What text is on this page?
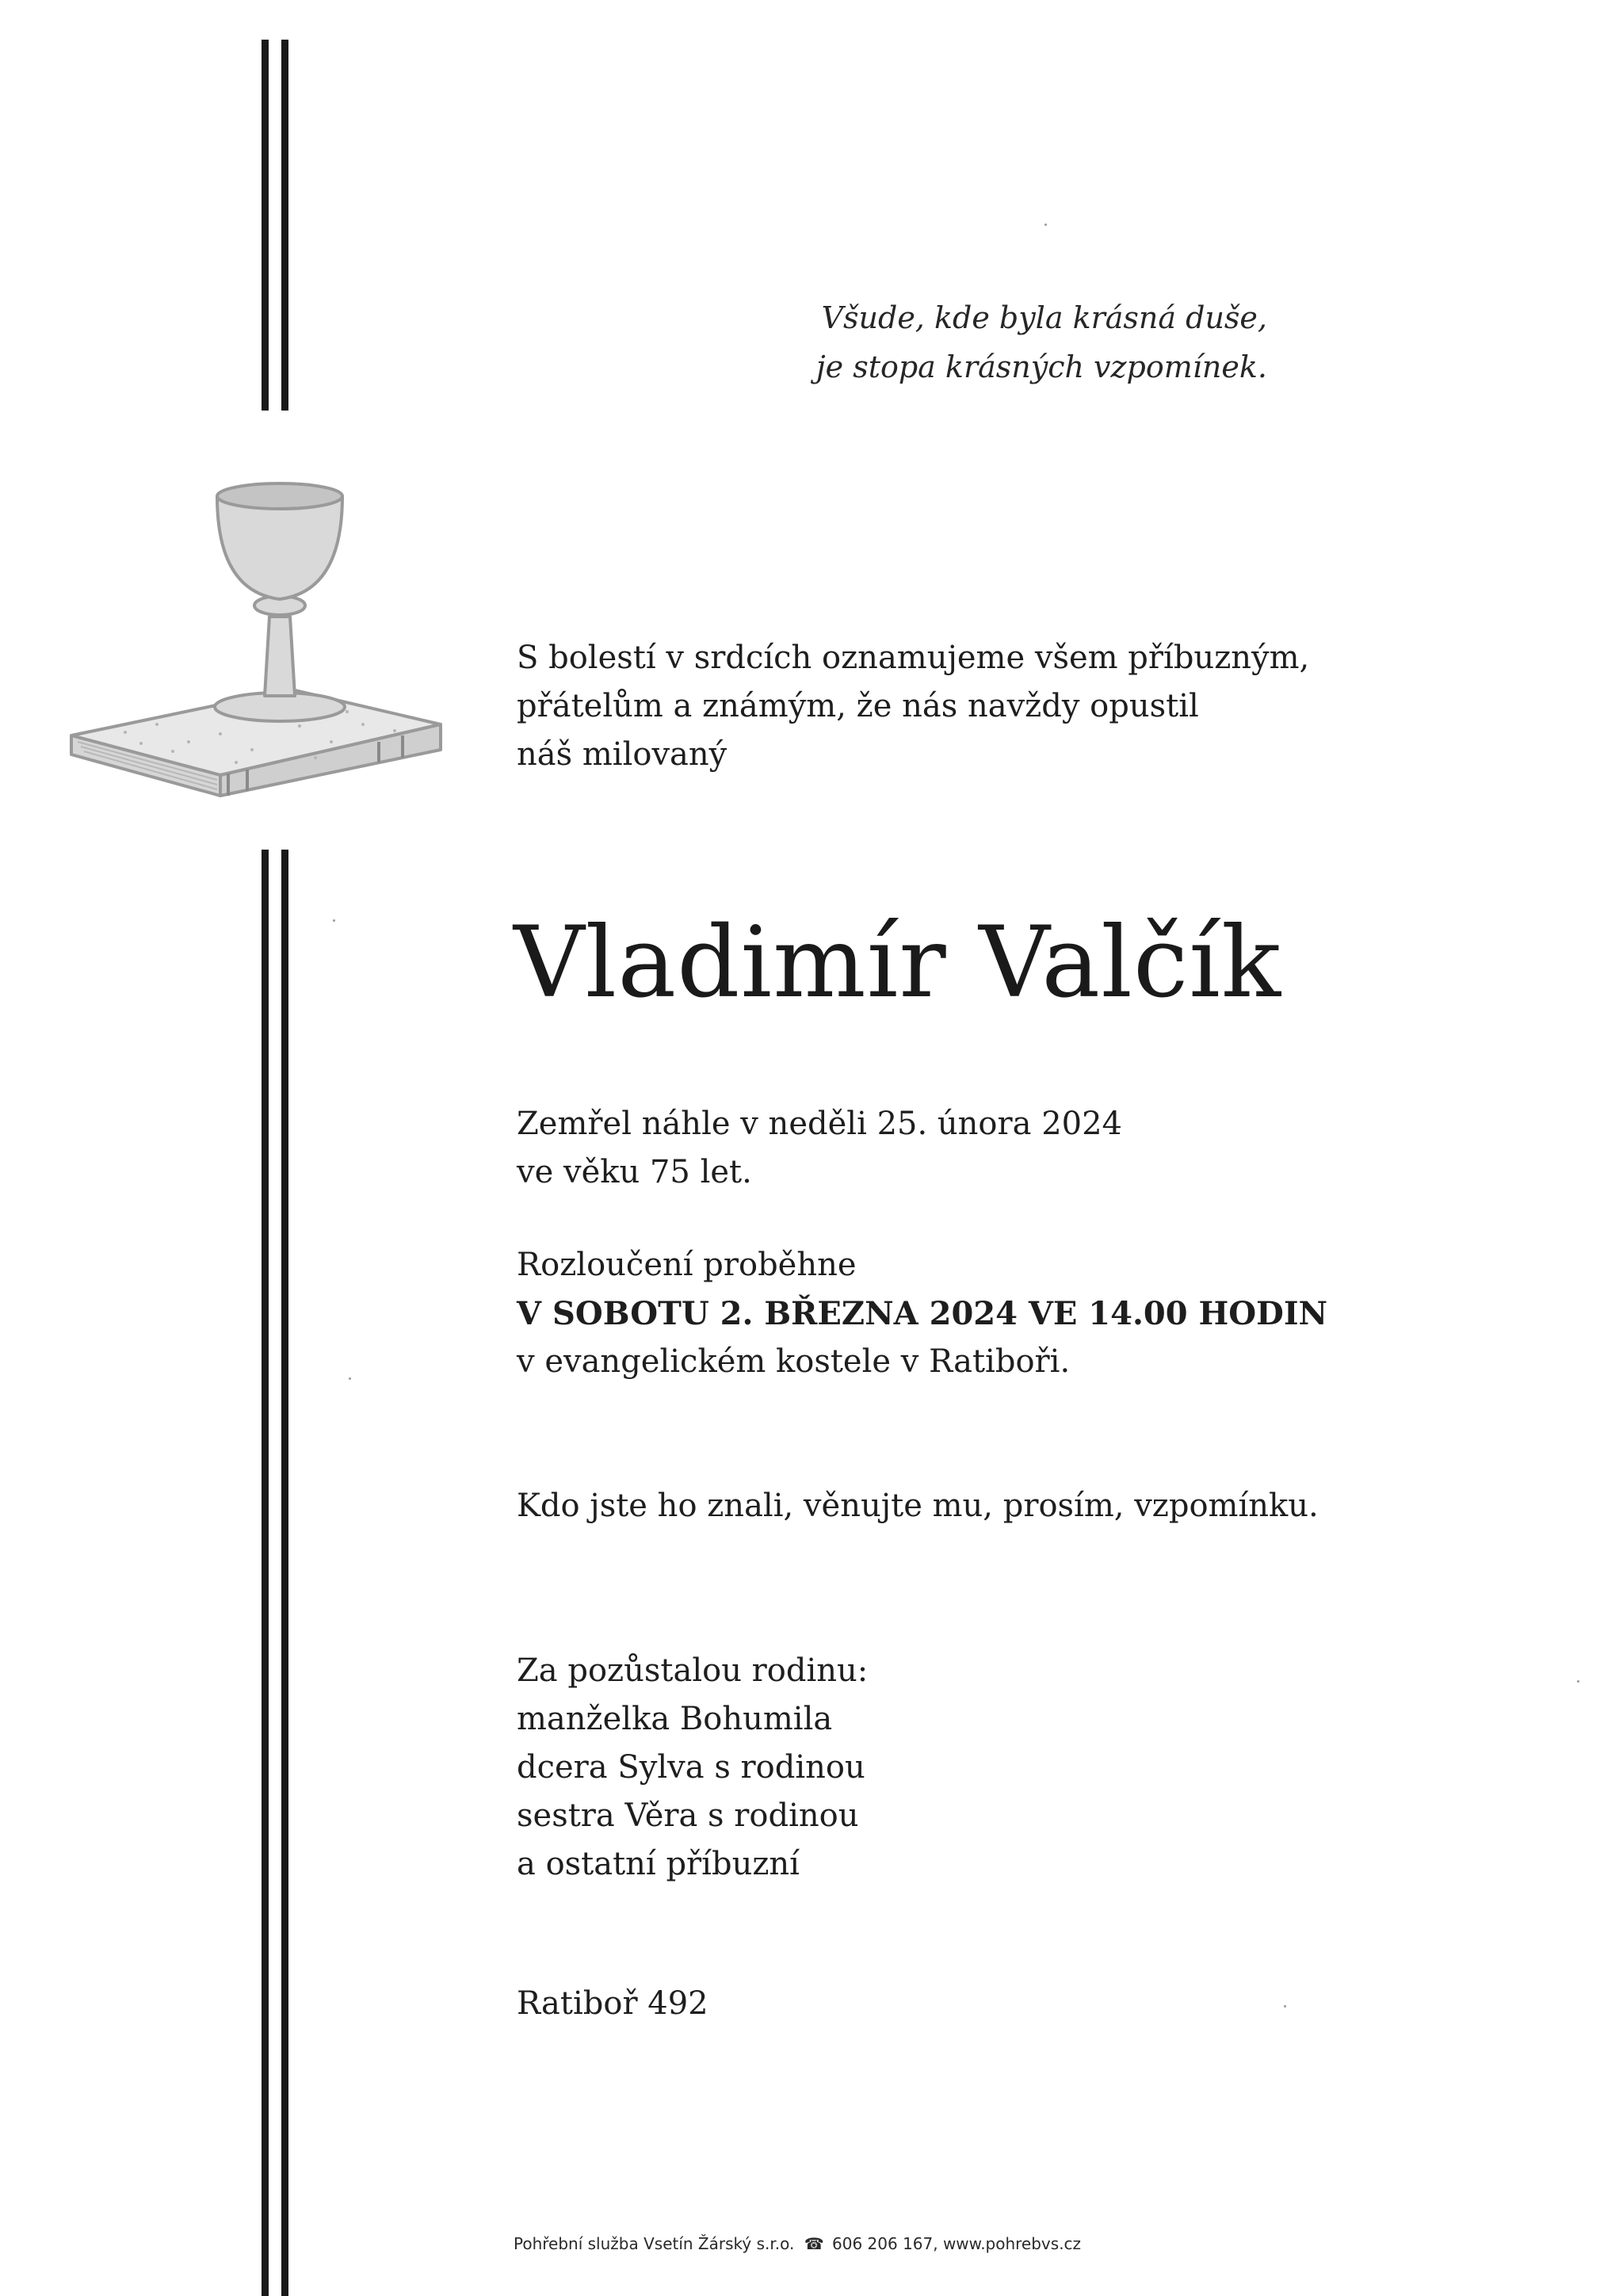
Všude, kde byla krásná duše,
je stopa krásných vzpomínek.
S bolestí v srdcích oznamujeme všem příbuzným,
přátelům a známým, že nás navždy opustil
náš milovaný
Vladimír Valčík
Zemřel náhle v neděli 25. února 2024
ve věku 75 let.
Rozloučení proběhne
V SOBOTU 2. BŘEZNA 2024 VE 14.00 HODIN
v evangelickém kostele v Ratiboři.
Kdo jste ho znali, věnujte mu, prosím, vzpomínku.
Za pozůstalou rodinu:
manželka Bohumila
dcera Sylva s rodinou
sestra Věra s rodinou
a ostatní příbuzní
Ratiboř 492
Pohřební služba Vsetín Žárský s.r.o. ☎ 606 206 167, www.pohrebvs.cz
